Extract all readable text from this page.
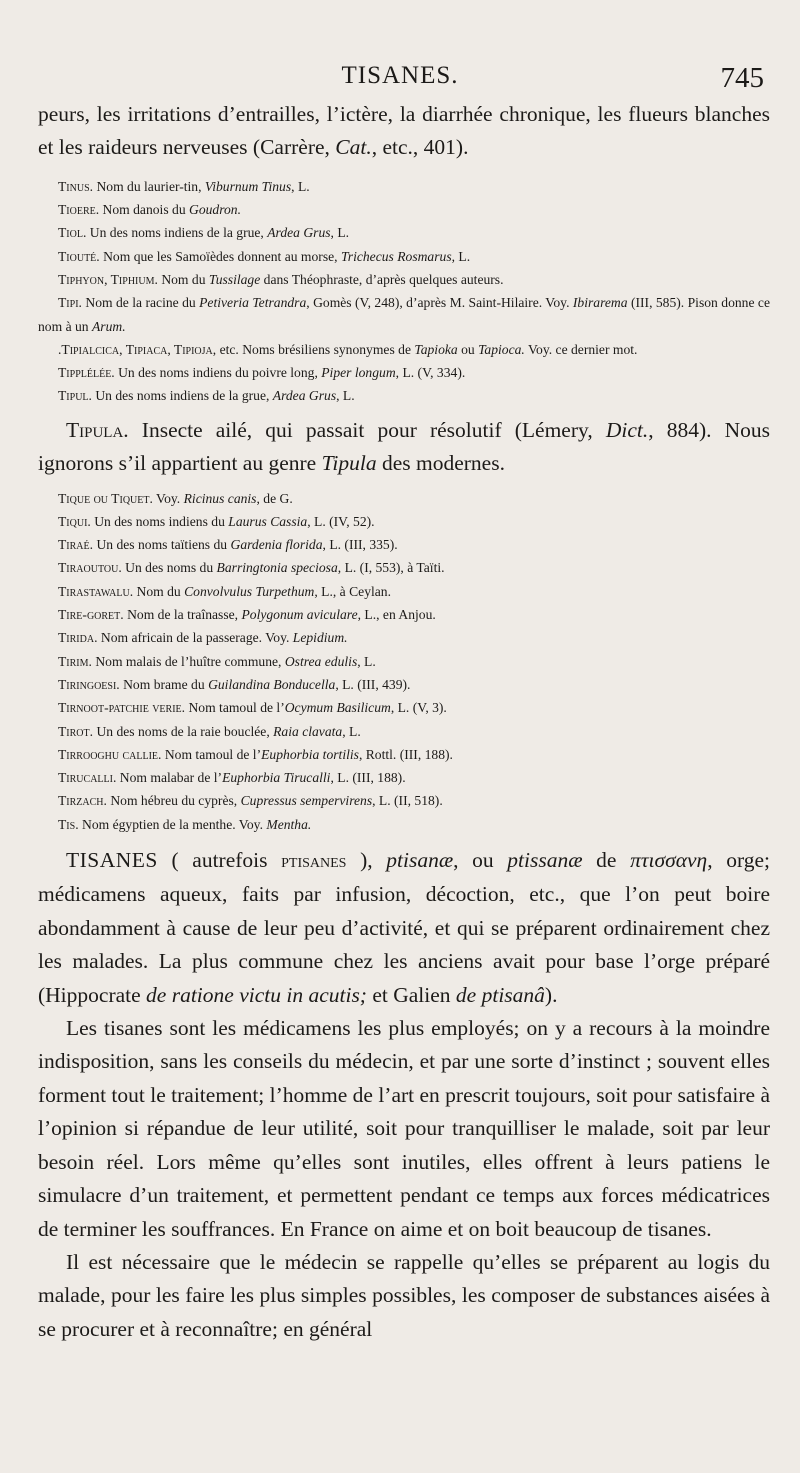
TISANES.	745

peurs, les irritations d’entrailles, l’ictère, la diarrhée chronique, les flueurs blanches et les raideurs nerveuses (Carrère, Cat., etc., 401).

Tinus. Nom du laurier-tin, Viburnum Tinus, L.

Tioere. Nom danois du Goudron.

Tiol. Un des noms indiens de la grue, Ardea Grus, L.

Tiouté. Nom que les Samoïèdes donnent au morse, Trichecus Rosmarus, L.

Tiphyon, Tiphium. Nom du Tussilage dans Théophraste, d’après quelques auteurs.

Tipi. Nom de la racine du Petiveria Tetrandra, Gomès (V, 248), d’après M. Saint-Hilaire. Voy. Ibirarema (III, 585). Pison donne ce nom à un Arum.

.Tipialcica, Tipiaca, Tipioja, etc. Noms brésiliens synonymes de Tapioka ou Tapioca. Voy. ce dernier mot.

Tipplélée. Un des noms indiens du poivre long, Piper longum, L. (V, 334).

Tipul. Un des noms indiens de la grue, Ardea Grus, L.

Tipula. Insecte ailé, qui passait pour résolutif (Lémery, Dict., 884). Nous ignorons s’il appartient au genre Tipula des modernes.

Tique ou Tiquet. Voy. Ricinus canis, de G.

Tiqui. Un des noms indiens du Laurus Cassia, L. (IV, 52).

Tiraé. Un des noms taïtiens du Gardenia florida, L. (III, 335).

Tiraoutou. Un des noms du Barringtonia speciosa, L. (I, 553), à Taïti.

Tirastawalu. Nom du Convolvulus Turpethum, L., à Ceylan.

Tire-goret. Nom de la traînasse, Polygonum aviculare, L., en Anjou.

Tirida. Nom africain de la passerage. Voy. Lepidium.

Tirim. Nom malais de l’huître commune, Ostrea edulis, L.

Tiringoesi. Nom brame du Guilandina Bonducella, L. (III, 439).

Tirnoot-patchie verie. Nom tamoul de l’Ocymum Basilicum, L. (V, 3).

Tirot. Un des noms de la raie bouclée, Raia clavata, L.

Tirrooghu callie. Nom tamoul de l’Euphorbia tortilis, Rottl. (III, 188).

Tirucalli. Nom malabar de l’Euphorbia Tirucalli, L. (III, 188).

Tirzach. Nom hébreu du cyprès, Cupressus sempervirens, L. (II, 518).

Tis. Nom égyptien de la menthe. Voy. Mentha.

TISANES ( autrefois ptisanes ), ptisanæ, ou ptissanæ de πτισσανη, orge; médicamens aqueux, faits par infusion, décoction, etc., que l’on peut boire abondamment à cause de leur peu d’activité, et qui se préparent ordinairement chez les malades. La plus commune chez les anciens avait pour base l’orge préparé (Hippocrate de ratione victu in acutis; et Galien de ptisanâ).

Les tisanes sont les médicamens les plus employés; on y a recours à la moindre indisposition, sans les conseils du médecin, et par une sorte d’instinct ; souvent elles forment tout le traitement; l’homme de l’art en prescrit toujours, soit pour satisfaire à l’opinion si répandue de leur utilité, soit pour tranquilliser le malade, soit par leur besoin réel. Lors même qu’elles sont inutiles, elles offrent à leurs patiens le simulacre d’un traitement, et permettent pendant ce temps aux forces médicatrices de terminer les souffrances. En France on aime et on boit beaucoup de tisanes.

Il est nécessaire que le médecin se rappelle qu’elles se préparent au logis du malade, pour les faire les plus simples possibles, les composer de substances aisées à se procurer et à reconnaître; en général
